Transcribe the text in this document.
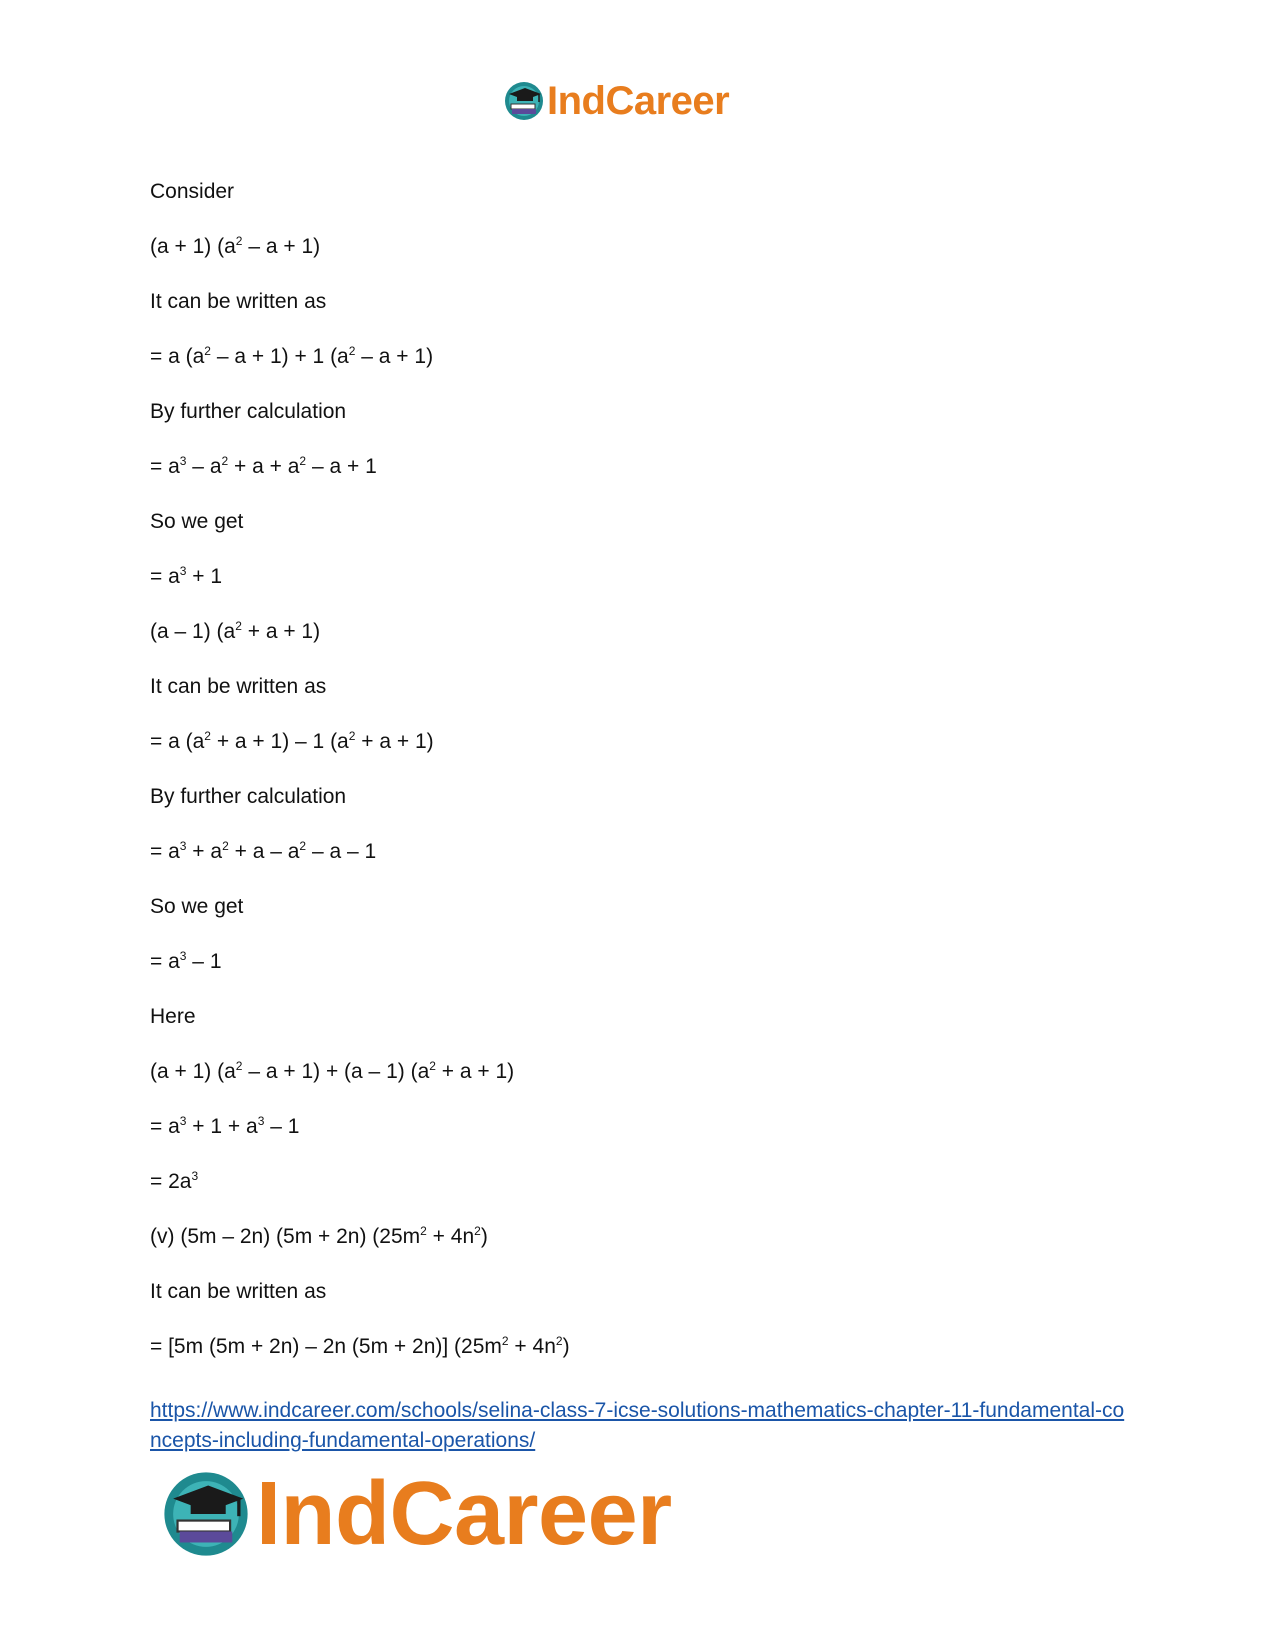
IndCareer
Consider
(a + 1) $(a^2 - a + 1)$
It can be written as
= a $(a^2 - a + 1) + 1$ $(a^2 - a + 1)$
By further calculation
= $a^3 - a^2 + a + a^2 - a + 1$
So we get
= $a^3 + 1$
(a – 1) $(a^2 + a + 1)$
It can be written as
= a $(a^2 + a + 1) - 1$ $(a^2 + a + 1)$
By further calculation
= $a^3 + a^2 + a - a^2 - a - 1$
So we get
= $a^3 - 1$
Here
(a + 1) $(a^2 - a + 1) + (a - 1) (a^2 + a + 1)$
= $a^3 + 1 + a^3 - 1$
= $2a^3$
(v) (5m – 2n) (5m + 2n) $(25m^2 + 4n^2)$
It can be written as
= [5m (5m + 2n) – 2n (5m + 2n)] $(25m^2 + 4n^2)$
https://www.indcareer.com/schools/selina-class-7-icse-solutions-mathematics-chapter-11-fundamental-concepts-including-fundamental-operations/
IndCareer
